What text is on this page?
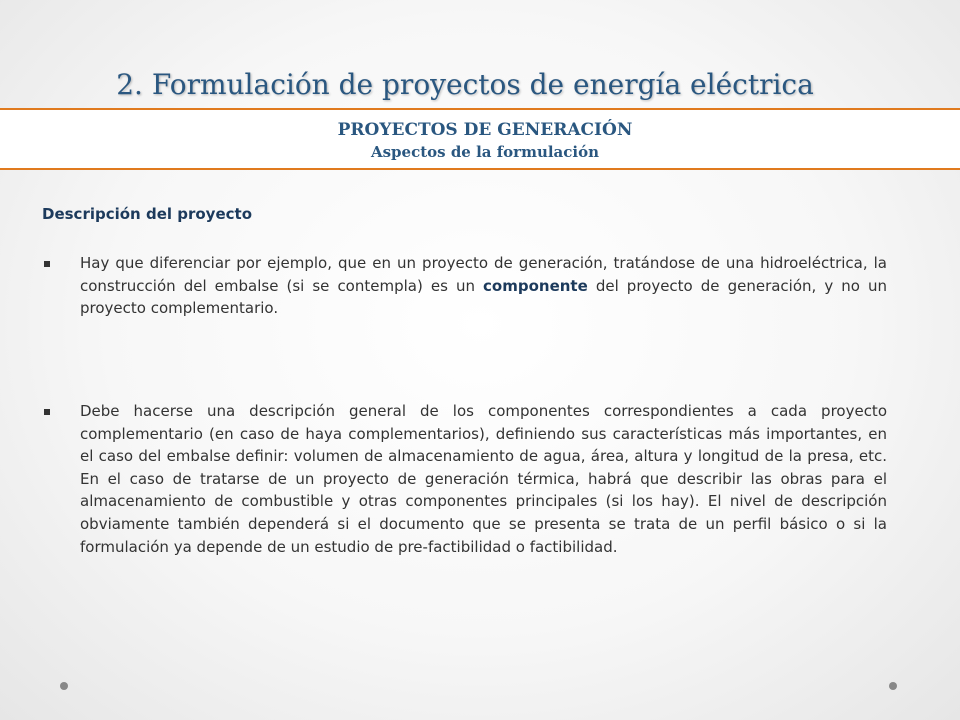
2. Formulación de proyectos de energía eléctrica
PROYECTOS DE GENERACIÓN
Aspectos de la formulación
Descripción del proyecto
Hay que diferenciar por ejemplo, que en un proyecto de generación, tratándose de una hidroeléctrica, la construcción del embalse (si se contempla) es un componente del proyecto de generación, y no un proyecto complementario.
Debe hacerse una descripción general de los componentes correspondientes a cada proyecto complementario (en caso de haya complementarios), definiendo sus características más importantes, en el caso del embalse definir: volumen de almacenamiento de agua, área, altura y longitud de la presa, etc. En el caso de tratarse de un proyecto de generación térmica, habrá que describir las obras para el almacenamiento de combustible y otras componentes principales (si los hay). El nivel de descripción obviamente también dependerá si el documento que se presenta se trata de un perfil básico o si la formulación ya depende de un estudio de pre-factibilidad o factibilidad.
